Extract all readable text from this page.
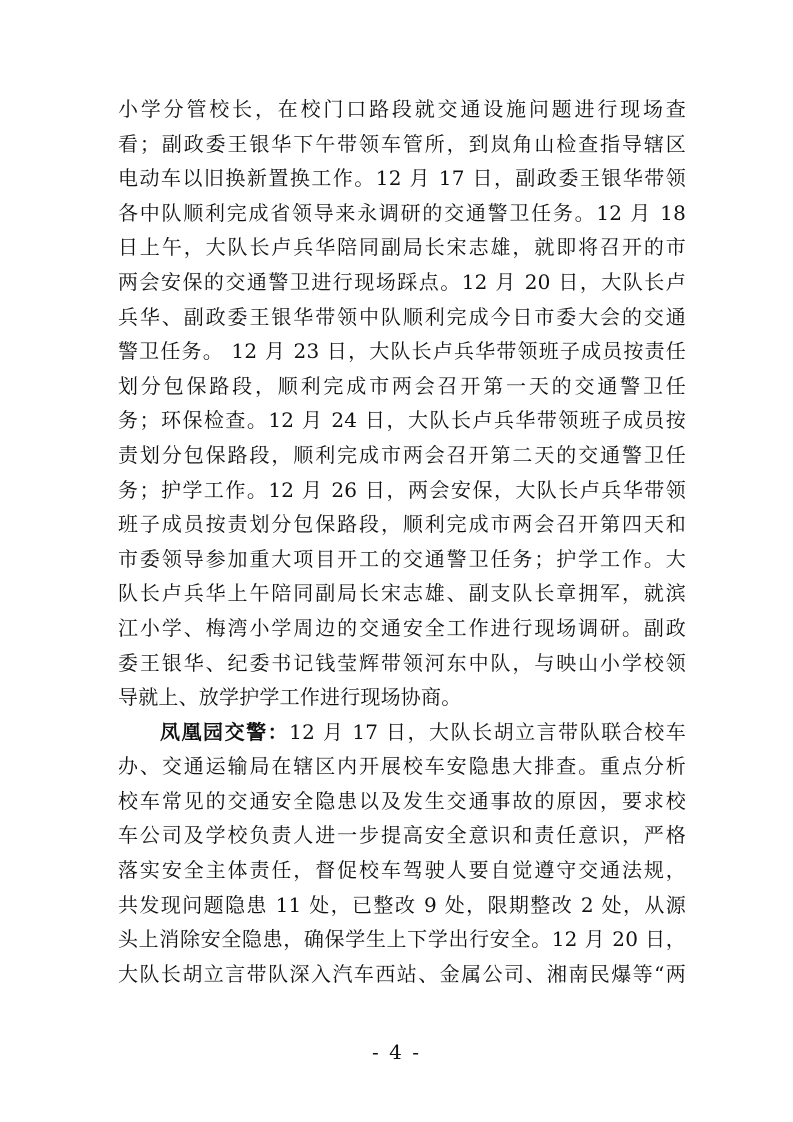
小学分管校长，在校门口路段就交通设施问题进行现场查
看；副政委王银华下午带领车管所，到岚角山检查指导辖区
电动车以旧换新置换工作。12 月 17 日，副政委王银华带领
各中队顺利完成省领导来永调研的交通警卫任务。12 月 18
日上午，大队长卢兵华陪同副局长宋志雄，就即将召开的市
两会安保的交通警卫进行现场踩点。12 月 20 日，大队长卢
兵华、副政委王银华带领中队顺利完成今日市委大会的交通
警卫任务。 12 月 23 日，大队长卢兵华带领班子成员按责任
划分包保路段，顺利完成市两会召开第一天的交通警卫任
务；环保检查。12 月 24 日，大队长卢兵华带领班子成员按
责划分包保路段，顺利完成市两会召开第二天的交通警卫任
务；护学工作。12 月 26 日，两会安保，大队长卢兵华带领
班子成员按责划分包保路段，顺利完成市两会召开第四天和
市委领导参加重大项目开工的交通警卫任务；护学工作。大
队长卢兵华上午陪同副局长宋志雄、副支队长章拥军，就滨
江小学、梅湾小学周边的交通安全工作进行现场调研。副政
委王银华、纪委书记钱莹辉带领河东中队，与映山小学校领
导就上、放学护学工作进行现场协商。
凤凰园交警：12 月 17 日，大队长胡立言带队联合校车
办、交通运输局在辖区内开展校车安隐患大排查。重点分析
校车常见的交通安全隐患以及发生交通事故的原因，要求校
车公司及学校负责人进一步提高安全意识和责任意识，严格
落实安全主体责任，督促校车驾驶人要自觉遵守交通法规，
共发现问题隐患 11 处，已整改 9 处，限期整改 2 处，从源
头上消除安全隐患，确保学生上下学出行安全。12 月 20 日，
大队长胡立言带队深入汽车西站、金属公司、湘南民爆等“两
- 4 -
